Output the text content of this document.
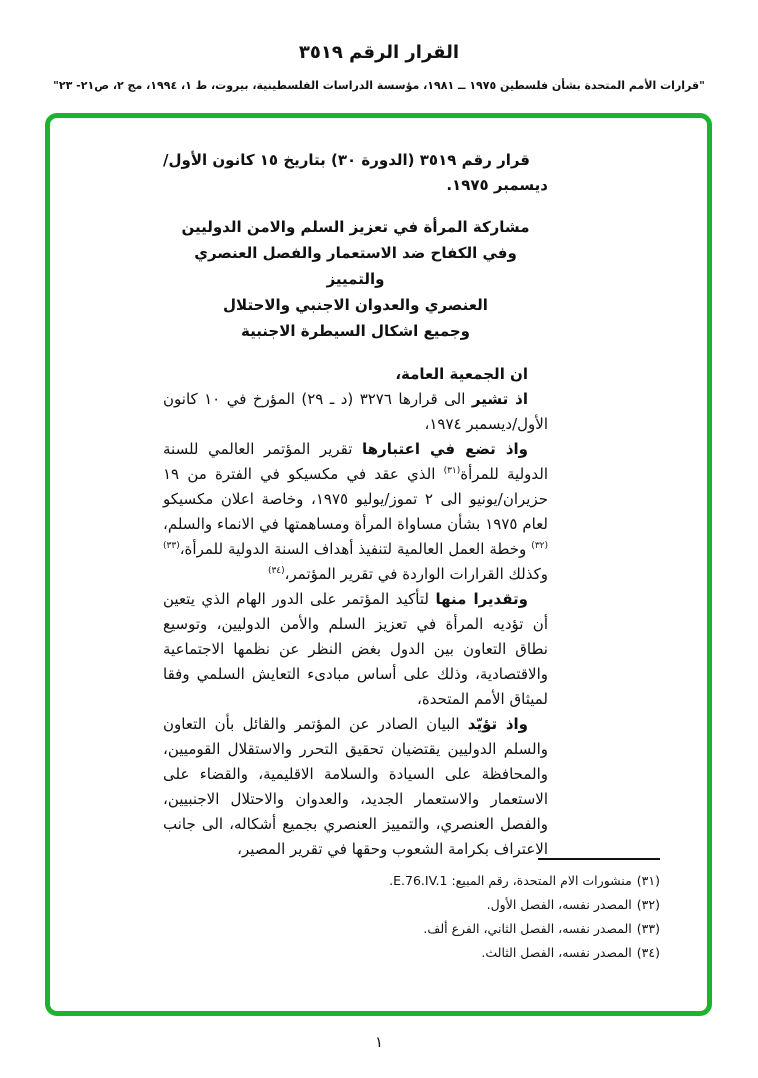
القرار الرقم ٣٥١٩
"قرارات الأمم المتحدة بشأن فلسطين ١٩٧٥ ــ ١٩٨١، مؤسسة الدراسات الفلسطينية، بيروت، ط ١، ١٩٩٤، مج ٢، ص٢١- ٢٣"

قرار رقم ٣٥١٩ (الدورة ٣٠) بتاريخ ١٥ كانون الأول/ديسمبر ١٩٧٥.

مشاركة المرأة في تعزيز السلم والامن الدوليين
وفي الكفاح ضد الاستعمار والفصل العنصري والتمييز
العنصري والعدوان الاجنبي والاحتلال
وجميع اشكال السيطرة الاجنبية

ان الجمعية العامة،

اذ تشير الى قرارها ٣٢٧٦ (د ـ ٢٩) المؤرخ في ١٠ كانون الأول/ديسمبر ١٩٧٤،

واذ تضع في اعتبارها تقرير المؤتمر العالمي للسنة الدولية للمرأة$^{(٣١)}$ الذي عقد في مكسيكو في الفترة من ١٩ حزيران/يونيو الى ٢ تموز/يوليو ١٩٧٥، وخاصة اعلان مكسيكو لعام ١٩٧٥ بشأن مساواة المرأة ومساهمتها في الانماء والسلم،$^{(٣٢)}$ وخطة العمل العالمية لتنفيذ أهداف السنة الدولية للمرأة،$^{(٣٣)}$ وكذلك القرارات الواردة في تقرير المؤتمر،$^{(٣٤)}$

وتقديرا منها لتأكيد المؤتمر على الدور الهام الذي يتعين أن تؤديه المرأة في تعزيز السلم والأمن الدوليين، وتوسيع نطاق التعاون بين الدول بغض النظر عن نظمها الاجتماعية والاقتصادية، وذلك على أساس مبادىء التعايش السلمي وفقا لميثاق الأمم المتحدة،

واذ تؤيّد البيان الصادر عن المؤتمر والقائل بأن التعاون والسلم الدوليين يقتضيان تحقيق التحرر والاستقلال القوميين، والمحافظة على السيادة والسلامة الاقليمية، والقضاء على الاستعمار والاستعمار الجديد، والعدوان والاحتلال الاجنبيين، والفصل العنصري، والتمييز العنصري بجميع أشكاله، الى جانب الاعتراف بكرامة الشعوب وحقها في تقرير المصير،

(٣١)منشورات الام المتحدة، رقم المبيع: E.76.IV.1.
(٣٢)المصدر نفسه، الفصل الأول.
(٣٣)المصدر نفسه، الفصل الثاني، الفرع ألف.
(٣٤)المصدر نفسه، الفصل الثالث.
١
